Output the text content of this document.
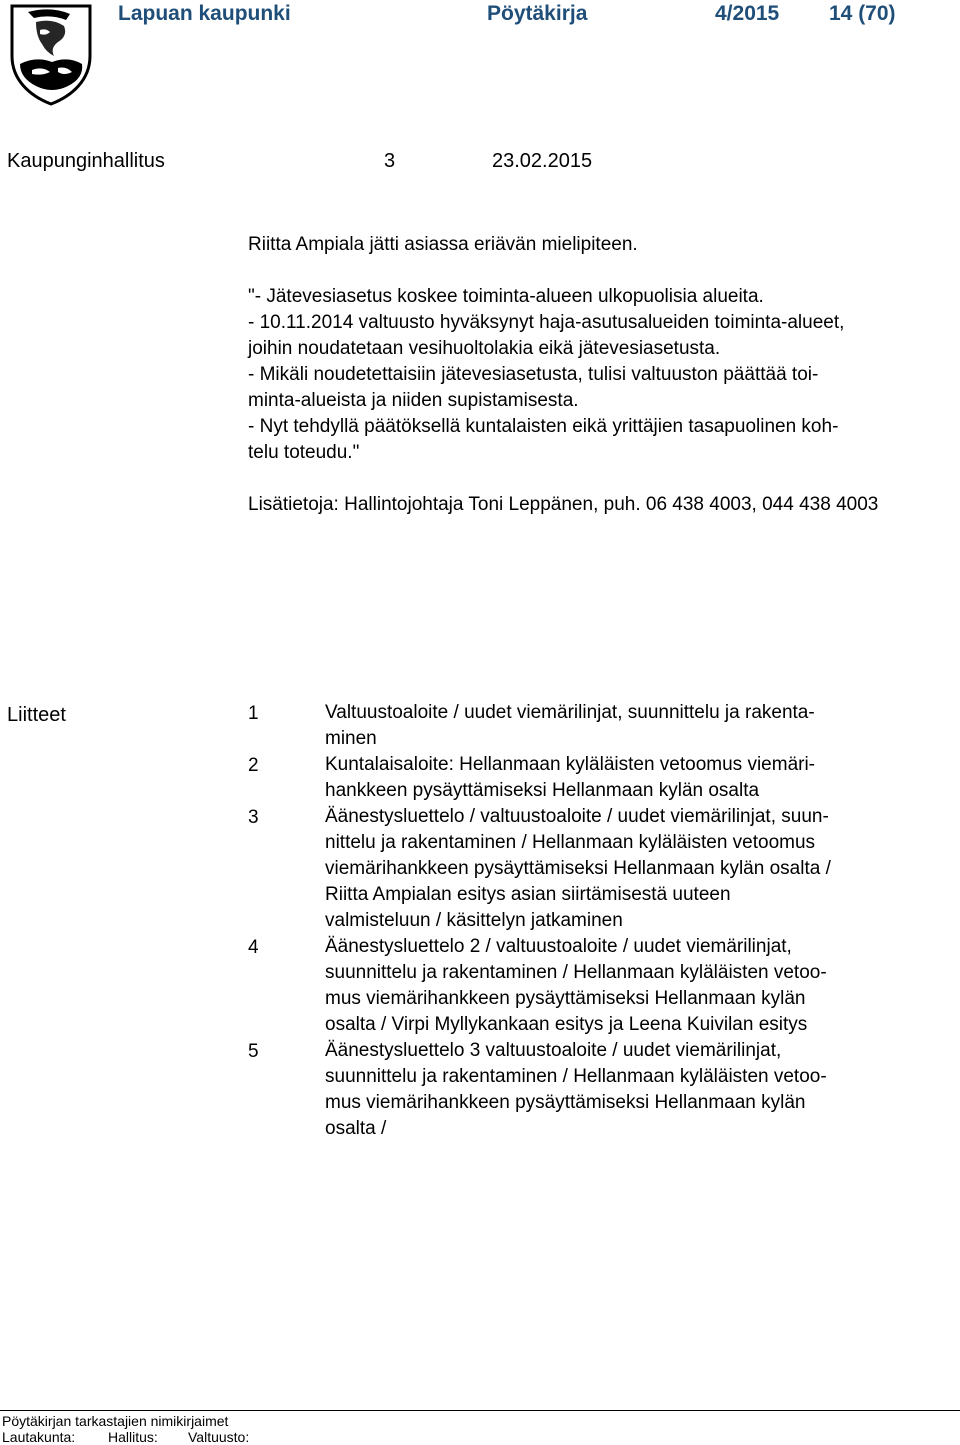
Lapuan kaupunki	Pöytäkirja	4/2015 14 (70)
Kaupunginhallitus	3	23.02.2015
Riitta Ampiala jätti asiassa eriävän mielipiteen.
"- Jätevesiasetus koskee toiminta-alueen ulkopuolisia alueita.
- 10.11.2014 valtuusto hyväksynyt haja-asutusalueiden toiminta-alueet,
joihin noudatetaan vesihuoltolakia eikä jätevesiasetusta.
- Mikäli noudetettaisiin jätevesiasetusta, tulisi valtuuston päättää toi-
minta-alueista ja niiden supistamisesta.
- Nyt tehdyllä päätöksellä kuntalaisten eikä yrittäjien tasapuolinen koh-
telu toteudu."
Lisätietoja: Hallintojohtaja Toni Leppänen, puh. 06 438 4003, 044 438 4003
Liitteet	1	Valtuustoaloite / uudet viemärilinjat, suunnittelu ja rakenta-
minen
2	Kuntalaisaloite: Hellanmaan kyläläisten vetoomus viemäri-
hankkeen pysäyttämiseksi Hellanmaan kylän osalta
3	Äänestysluettelo / valtuustoaloite / uudet viemärilinjat, suun-
nittelu ja rakentaminen / Hellanmaan kyläläisten vetoomus
viemärihankkeen pysäyttämiseksi Hellanmaan kylän osalta /
Riitta Ampialan esitys asian siirtämisestä uuteen
valmisteluun / käsittelyn jatkaminen
4	Äänestysluettelo 2 / valtuustoaloite / uudet viemärilinjat,
suunnittelu ja rakentaminen / Hellanmaan kyläläisten vetoo-
mus viemärihankkeen pysäyttämiseksi Hellanmaan kylän
osalta / Virpi Myllykankaan esitys ja Leena Kuivilan esitys
5	Äänestysluettelo 3 valtuustoaloite / uudet viemärilinjat,
suunnittelu ja rakentaminen / Hellanmaan kyläläisten vetoo-
mus viemärihankkeen pysäyttämiseksi Hellanmaan kylän
osalta /
Pöytäkirjan tarkastajien nimikirjaimet
Lautakunta: Hallitus: Valtuusto:
